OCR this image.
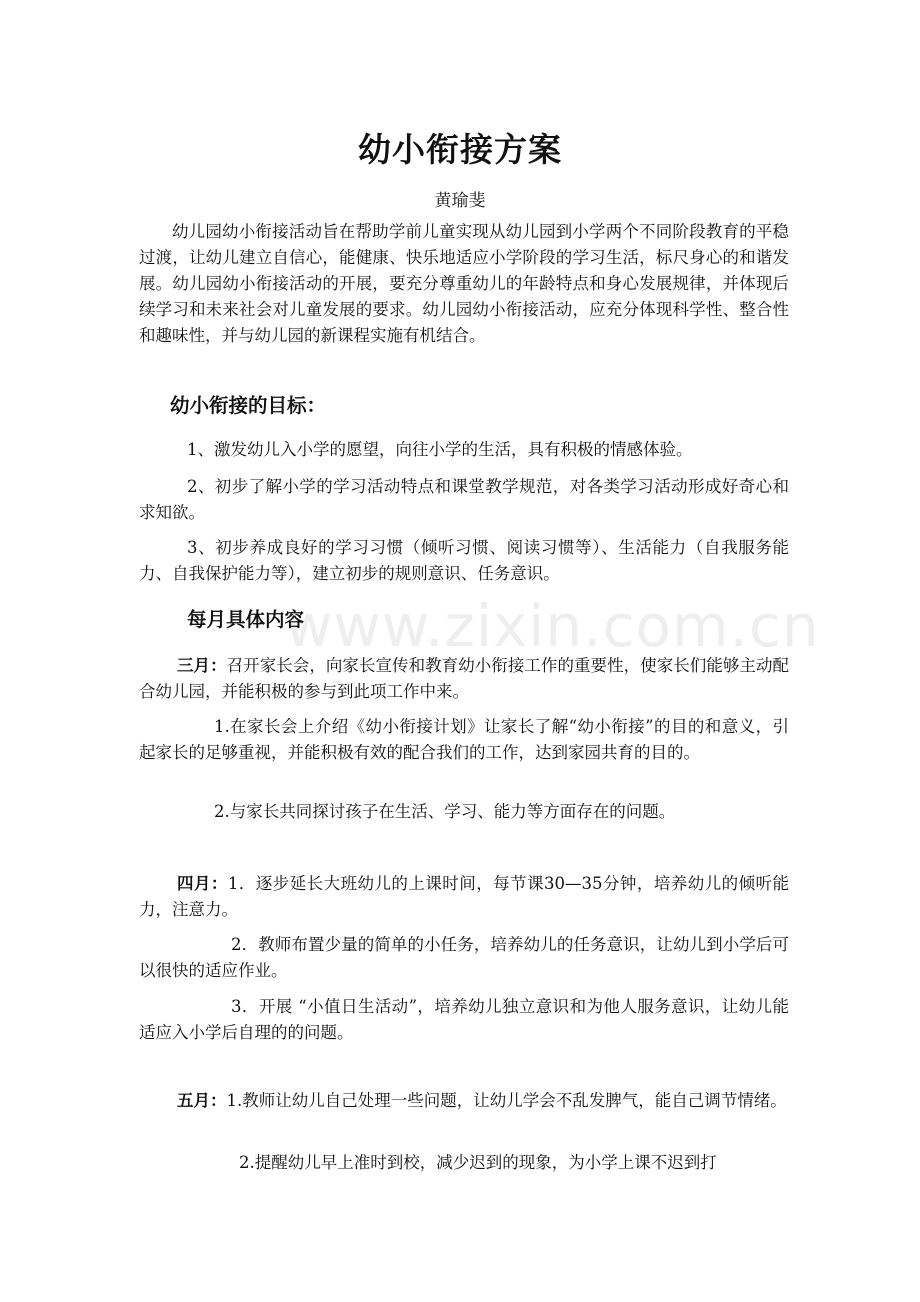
幼小衔接方案
黄瑜斐
幼儿园幼小衔接活动旨在帮助学前儿童实现从幼儿园到小学两个不同阶段教育的平稳过渡，让幼儿建立自信心，能健康、快乐地适应小学阶段的学习生活，标尺身心的和谐发展。幼儿园幼小衔接活动的开展，要充分尊重幼儿的年龄特点和身心发展规律，并体现后续学习和未来社会对儿童发展的要求。幼儿园幼小衔接活动，应充分体现科学性、整合性和趣味性，并与幼儿园的新课程实施有机结合。
幼小衔接的目标：
1、激发幼儿入小学的愿望，向往小学的生活，具有积极的情感体验。
2、初步了解小学的学习活动特点和课堂教学规范，对各类学习活动形成好奇心和求知欲。
3、初步养成良好的学习习惯（倾听习惯、阅读习惯等）、生活能力（自我服务能力、自我保护能力等），建立初步的规则意识、任务意识。
每月具体内容
三月：召开家长会，向家长宣传和教育幼小衔接工作的重要性，使家长们能够主动配合幼儿园，并能积极的参与到此项工作中来。
1.在家长会上介绍《幼小衔接计划》让家长了解“幼小衔接”的目的和意义，引起家长的足够重视，并能积极有效的配合我们的工作，达到家园共育的目的。
2.与家长共同探讨孩子在生活、学习、能力等方面存在的问题。
四月：1．逐步延长大班幼儿的上课时间，每节课30—35分钟，培养幼儿的倾听能力，注意力。
2．教师布置少量的简单的小任务，培养幼儿的任务意识，让幼儿到小学后可以很快的适应作业。
3．开展 “小值日生活动”，培养幼儿独立意识和为他人服务意识，让幼儿能适应入小学后自理的的问题。
五月：1.教师让幼儿自己处理一些问题，让幼儿学会不乱发脾气，能自己调节情绪。
2.提醒幼儿早上准时到校，减少迟到的现象，为小学上课不迟到打
www.zixin.com.cn
